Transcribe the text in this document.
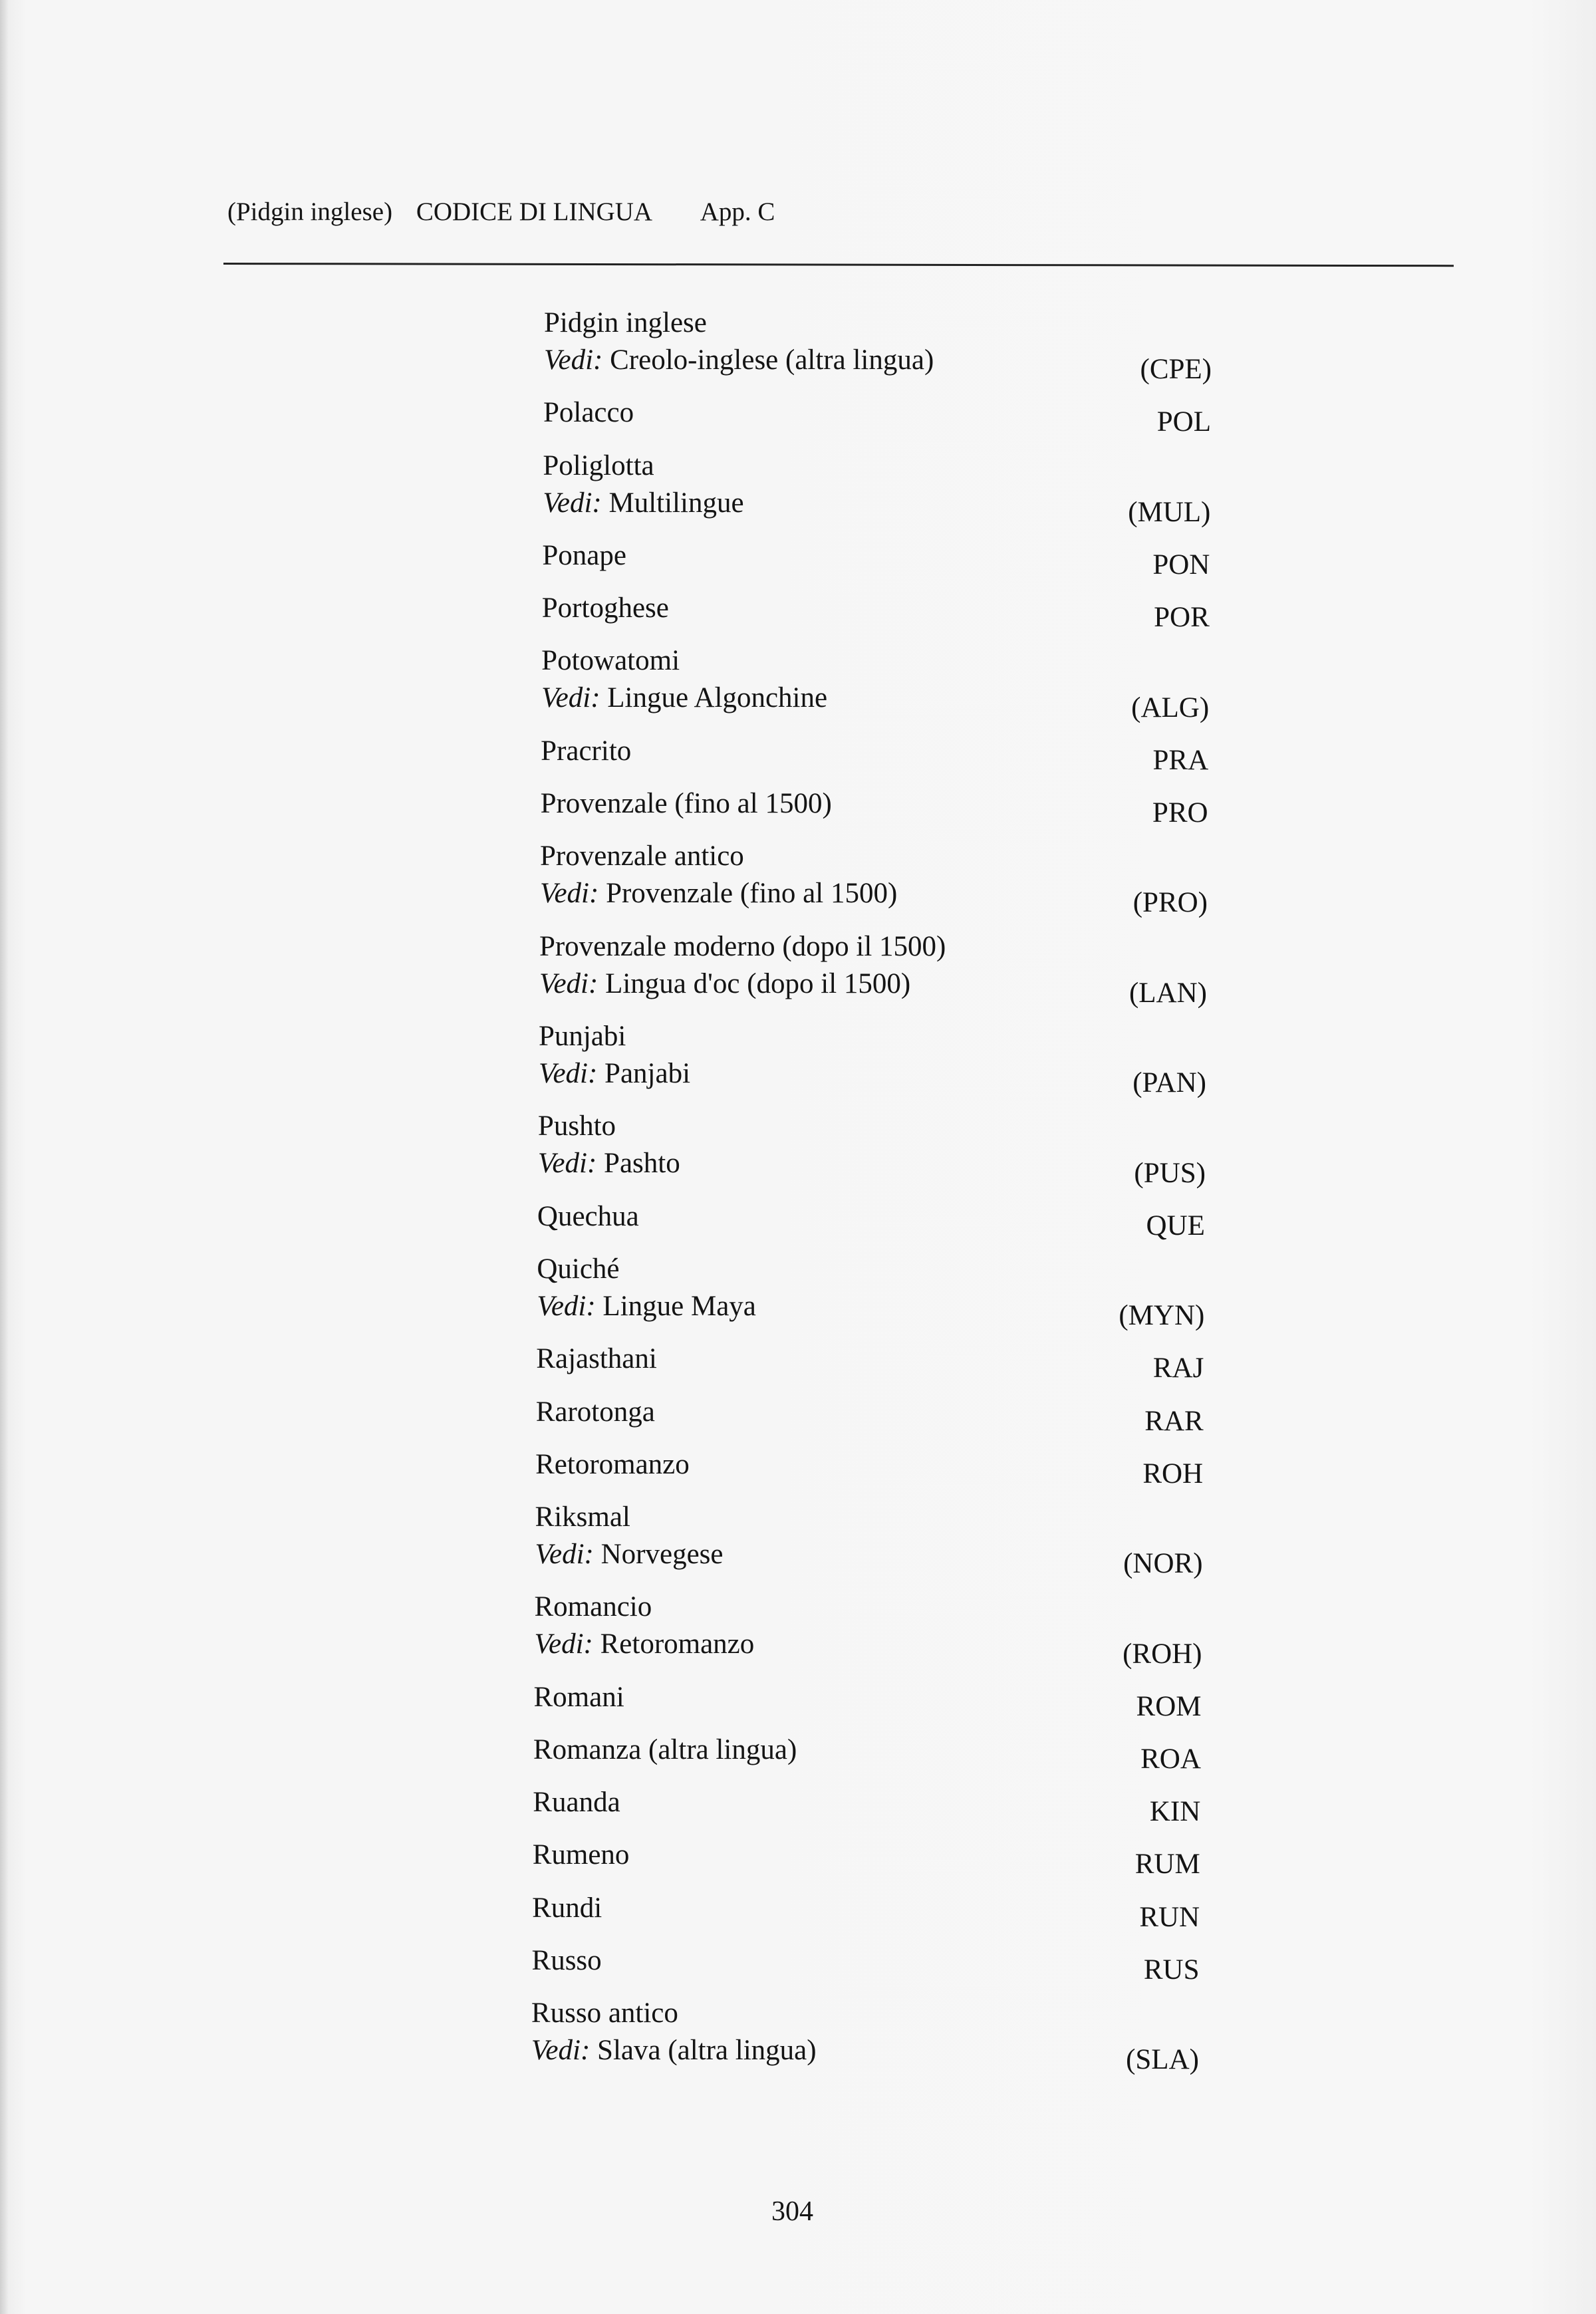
(Pidgin inglese) CODICE DI LINGUA App. C
Pidgin inglese
Vedi: Creolo-inglese (altra lingua)	(CPE)
Polacco	POL
Poliglotta
Vedi: Multilingue	(MUL)
Ponape	PON
Portoghese	POR
Potowatomi
Vedi: Lingue Algonchine	(ALG)
Pracrito	PRA
Provenzale (fino al 1500)	PRO
Provenzale antico
Vedi: Provenzale (fino al 1500)	(PRO)
Provenzale moderno (dopo il 1500)
Vedi: Lingua d'oc (dopo il 1500)	(LAN)
Punjabi
Vedi: Panjabi	(PAN)
Pushto
Vedi: Pashto	(PUS)
Quechua	QUE
Quiché
Vedi: Lingue Maya	(MYN)
Rajasthani	RAJ
Rarotonga	RAR
Retoromanzo	ROH
Riksmal
Vedi: Norvegese	(NOR)
Romancio
Vedi: Retoromanzo	(ROH)
Romani	ROM
Romanza (altra lingua)	ROA
Ruanda	KIN
Rumeno	RUM
Rundi	RUN
Russo	RUS
Russo antico
Vedi: Slava (altra lingua)	(SLA)
304
